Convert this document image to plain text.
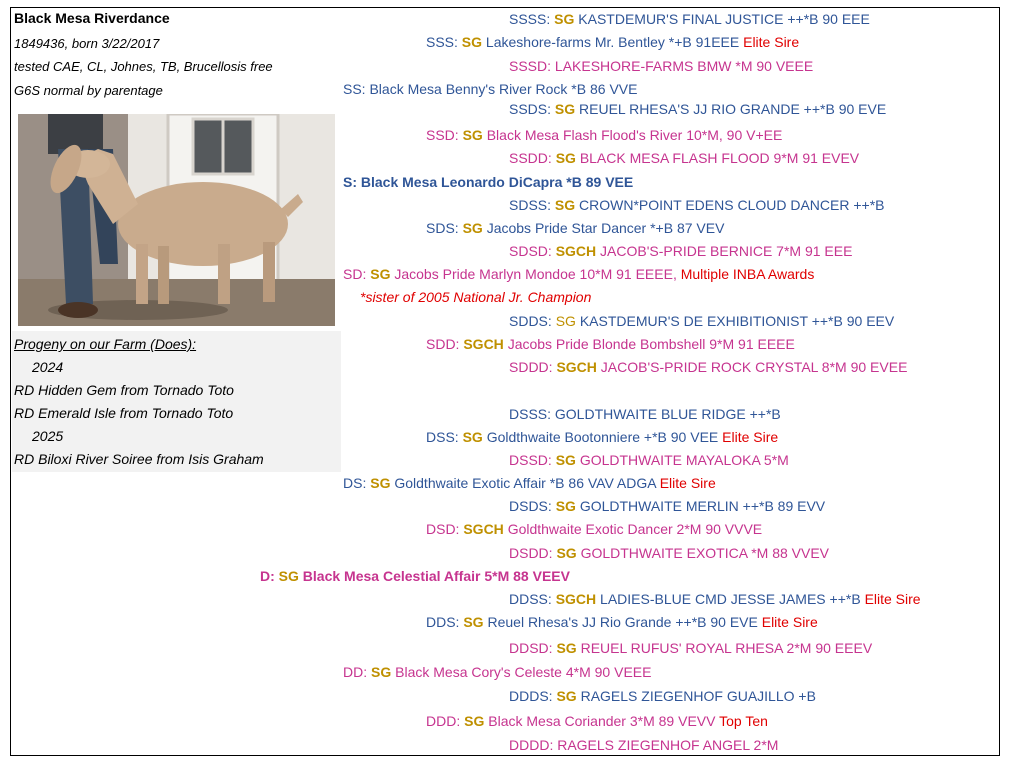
Black Mesa Riverdance
1849436, born 3/22/2017
tested CAE, CL, Johnes, TB, Brucellosis free
G6S normal by parentage
Progeny on our Farm (Does):
2024
RD Hidden Gem from Tornado Toto
RD Emerald Isle from Tornado Toto
2025
RD Biloxi River Soiree from Isis Graham
SSSS: SG KASTDEMUR'S FINAL JUSTICE ++*B 90 EEE
SSS: SG Lakeshore-farms Mr. Bentley *+B 91EEE Elite Sire
SSSD: LAKESHORE-FARMS BMW *M 90 VEEE
SS: Black Mesa Benny's River Rock *B 86 VVE
SSDS: SG REUEL RHESA'S JJ RIO GRANDE ++*B 90 EVE
SSD: SG Black Mesa Flash Flood's River 10*M, 90 V+EE
SSDD: SG BLACK MESA FLASH FLOOD 9*M 91 EVEV
S: Black Mesa Leonardo DiCapra *B 89 VEE
SDSS: SG CROWN*POINT EDENS CLOUD DANCER ++*B
SDS: SG Jacobs Pride Star Dancer *+B 87 VEV
SDSD: SGCH JACOB'S-PRIDE BERNICE 7*M 91 EEE
SD: SG Jacobs Pride Marlyn Mondoe 10*M 91 EEEE, Multiple INBA Awards
*sister of 2005 National Jr. Champion
SDDS: SG KASTDEMUR'S DE EXHIBITIONIST ++*B 90 EEV
SDD: SGCH Jacobs Pride Blonde Bombshell 9*M 91 EEEE
SDDD: SGCH JACOB'S-PRIDE ROCK CRYSTAL 8*M 90 EVEE
DSSS: GOLDTHWAITE BLUE RIDGE ++*B
DSS: SG Goldthwaite Bootonniere +*B 90 VEE Elite Sire
DSSD: SG GOLDTHWAITE MAYALOKA 5*M
DS: SG Goldthwaite Exotic Affair *B 86 VAV ADGA Elite Sire
DSDS: SG GOLDTHWAITE MERLIN ++*B 89 EVV
DSD: SGCH Goldthwaite Exotic Dancer 2*M 90 VVVE
DSDD: SG GOLDTHWAITE EXOTICA *M 88 VVEV
D: SG Black Mesa Celestial Affair 5*M 88 VEEV
DDSS: SGCH LADIES-BLUE CMD JESSE JAMES ++*B Elite Sire
DDS: SG Reuel Rhesa's JJ Rio Grande ++*B 90 EVE Elite Sire
DDSD: SG REUEL RUFUS' ROYAL RHESA 2*M 90 EEEV
DD: SG Black Mesa Cory's Celeste 4*M 90 VEEE
DDDS: SG RAGELS ZIEGENHOF GUAJILLO +B
DDD: SG Black Mesa Coriander 3*M 89 VEVV Top Ten
DDDD: RAGELS ZIEGENHOF ANGEL 2*M
